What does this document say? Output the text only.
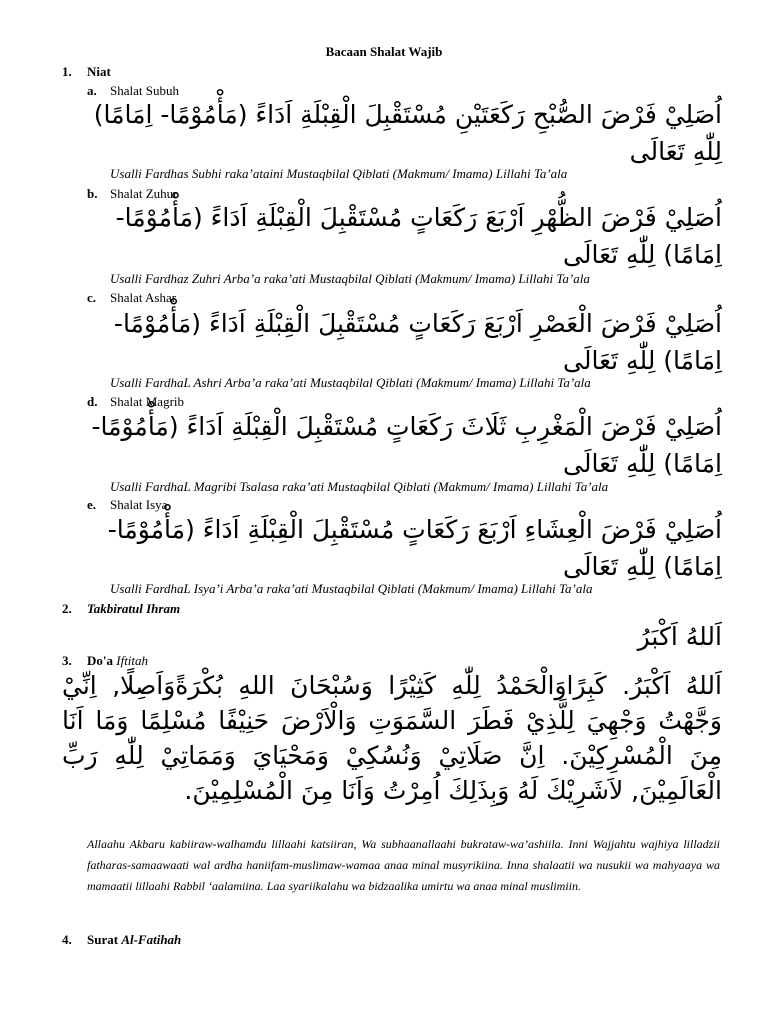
Bacaan Shalat Wajib
1. Niat
a. Shalat Subuh
اُصَلِيْ فَرْضَ الصُّبْحِ رَكَعَتَيْنِ مُسْتَقْبِلَ الْقِبْلَةِ اَدَاءً (مَأْمُوْمًا- اِمَامًا) لِلّٰهِ تَعَالَى
Usalli Fardhas Subhi raka’ataini Mustaqbilal Qiblati (Makmum/ Imama) Lillahi Ta’ala
b. Shalat Zuhur
اُصَلِيْ فَرْضَ الظُّهْرِ اَرْبَعَ رَكَعَاتٍ مُسْتَقْبِلَ الْقِبْلَةِ اَدَاءً (مَأْمُوْمًا- اِمَامًا) لِلّٰهِ تَعَالَى
Usalli Fardhaz Zuhri Arba’a raka’ati Mustaqbilal Qiblati (Makmum/ Imama) Lillahi Ta’ala
c. Shalat Ashar
اُصَلِيْ فَرْضَ الْعَصْرِ اَرْبَعَ رَكَعَاتٍ مُسْتَقْبِلَ الْقِبْلَةِ اَدَاءً (مَأْمُوْمًا- اِمَامًا) لِلّٰهِ تَعَالَى
Usalli FardhaL Ashri Arba’a raka’ati Mustaqbilal Qiblati (Makmum/ Imama) Lillahi Ta’ala
d. Shalat Magrib
اُصَلِيْ فَرْضَ الْمَغْرِبِ ثَلَاثَ رَكَعَاتٍ مُسْتَقْبِلَ الْقِبْلَةِ اَدَاءً (مَأْمُوْمًا- اِمَامًا) لِلّٰهِ تَعَالَى
Usalli FardhaL Magribi Tsalasa raka’ati Mustaqbilal Qiblati (Makmum/ Imama) Lillahi Ta’ala
e. Shalat Isya
اُصَلِيْ فَرْضَ الْعِشَاءِ اَرْبَعَ رَكَعَاتٍ مُسْتَقْبِلَ الْقِبْلَةِ اَدَاءً (مَأْمُوْمًا- اِمَامًا) لِلّٰهِ تَعَالَى
Usalli FardhaL Isya’i Arba’a raka’ati Mustaqbilal Qiblati (Makmum/ Imama) Lillahi Ta’ala
2. Takbiratul Ihram
اَللهُ اَكْبَرُ
3. Do'a Iftitah
اَللهُ اَكْبَرُ. كَبِرًاوَالْحَمْدُ لِلّٰهِ كَثِيْرًا وَسُبْحَانَ اللهِ بُكْرَةًوَاَصِلًا, اِنِّيْ وَجَّهْتُ وَجْهِيَ لِلَّذِيْ فَطَرَ السَّمَوَتِ وَالْاَرْضَ حَنِيْفًا مُسْلِمًا وَمَا اَنَا مِنَ الْمُسْرِكِيْنَ. اِنَّ صَلَاتِيْ وَنُسُكِيْ وَمَحْيَايَ وَمَمَاتِيْ لِلّٰهِ رَبِّ الْعَالَمِيْنَ, لاَشَرِيْكَ لَهُ وَبِذَلِكَ اُمِرْتُ وَاَنَا مِنَ الْمُسْلِمِيْنَ.
Allaahu Akbaru kabiiraw-walhamdu lillaahi katsiiran, Wa subhaanallaahi bukrataw-wa’ashiila. Inni Wajjahtu wajhiya lilladzii fatharas-samaawaati wal ardha haniifam-muslimaw-wamaa anaa minal musyrikiina. Inna shalaatii wa nusukii wa mahyaaya wa mamaatii lillaahi Rabbil ‘aalamiina. Laa syariikalahu wa bidzaalika umirtu wa anaa minal muslimiin.
4. Surat Al-Fatihah
